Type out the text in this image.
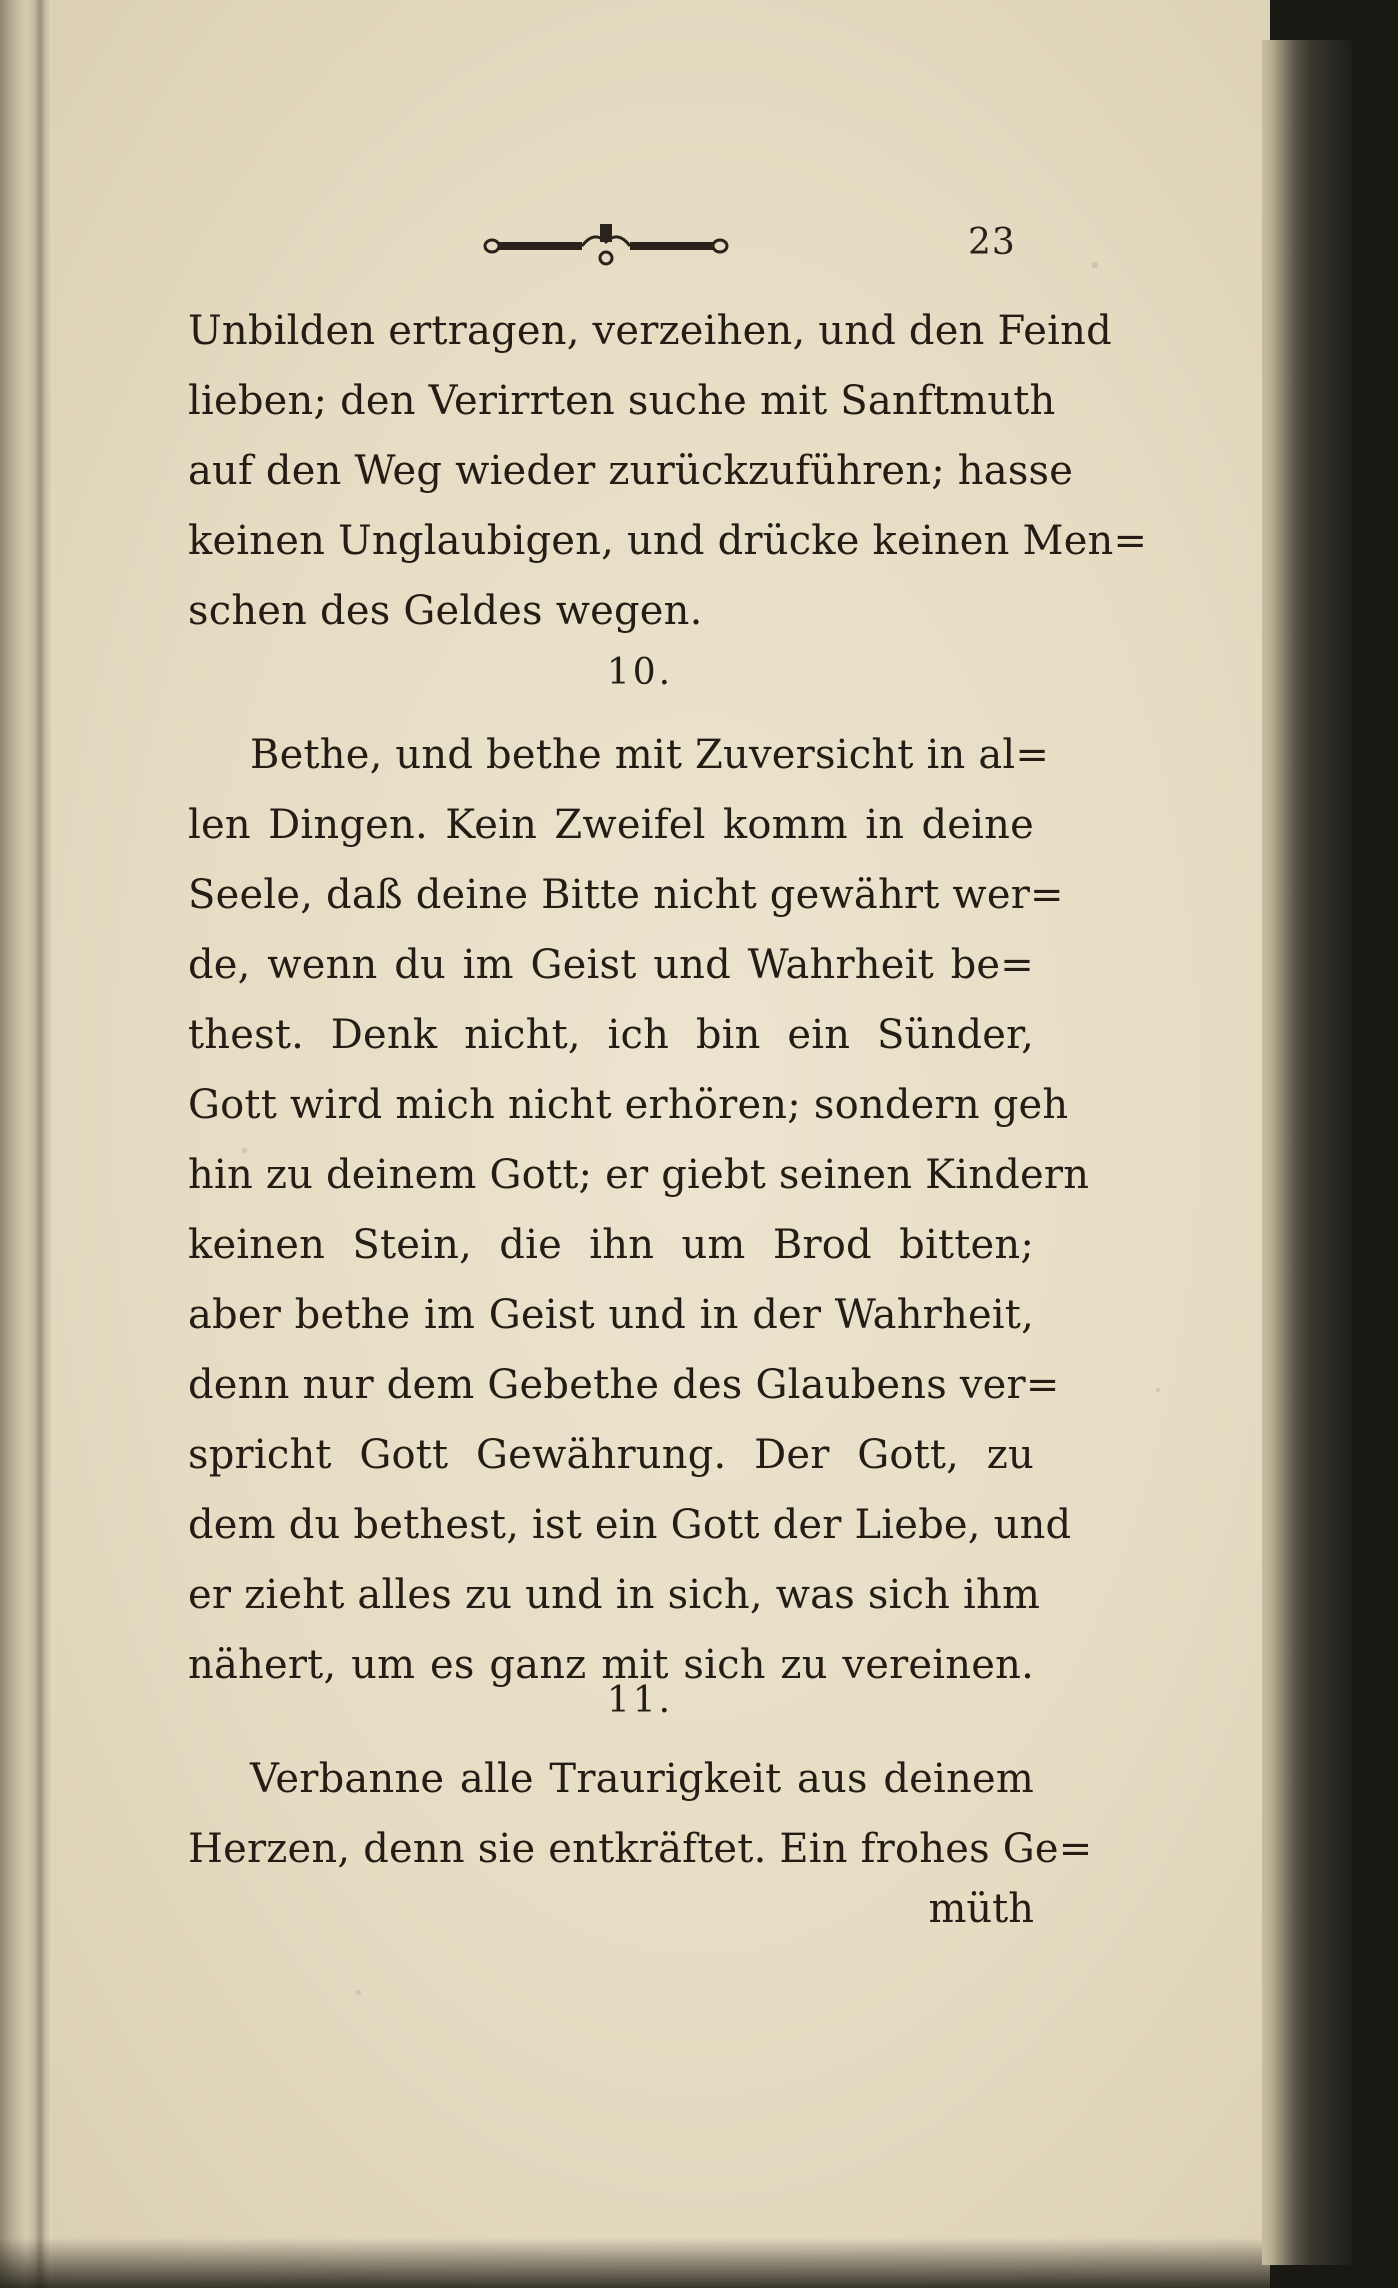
23
Unbilden ertragen, verzeihen, und den Feind
lieben; den Verirrten suche mit Sanftmuth
auf den Weg wieder zurückzuführen; hasse
keinen Unglaubigen, und drücke keinen Men=
schen des Geldes wegen.
10.
Bethe, und bethe mit Zuversicht in al=
len Dingen. Kein Zweifel komm in deine
Seele, daß deine Bitte nicht gewährt wer=
de, wenn du im Geist und Wahrheit be=
thest. Denk nicht, ich bin ein Sünder,
Gott wird mich nicht erhören; sondern geh
hin zu deinem Gott; er giebt seinen Kindern
keinen Stein, die ihn um Brod bitten;
aber bethe im Geist und in der Wahrheit,
denn nur dem Gebethe des Glaubens ver=
spricht Gott Gewährung. Der Gott, zu
dem du bethest, ist ein Gott der Liebe, und
er zieht alles zu und in sich, was sich ihm
nähert, um es ganz mit sich zu vereinen.
11.
Verbanne alle Traurigkeit aus deinem
Herzen, denn sie entkräftet. Ein frohes Ge=
müth
